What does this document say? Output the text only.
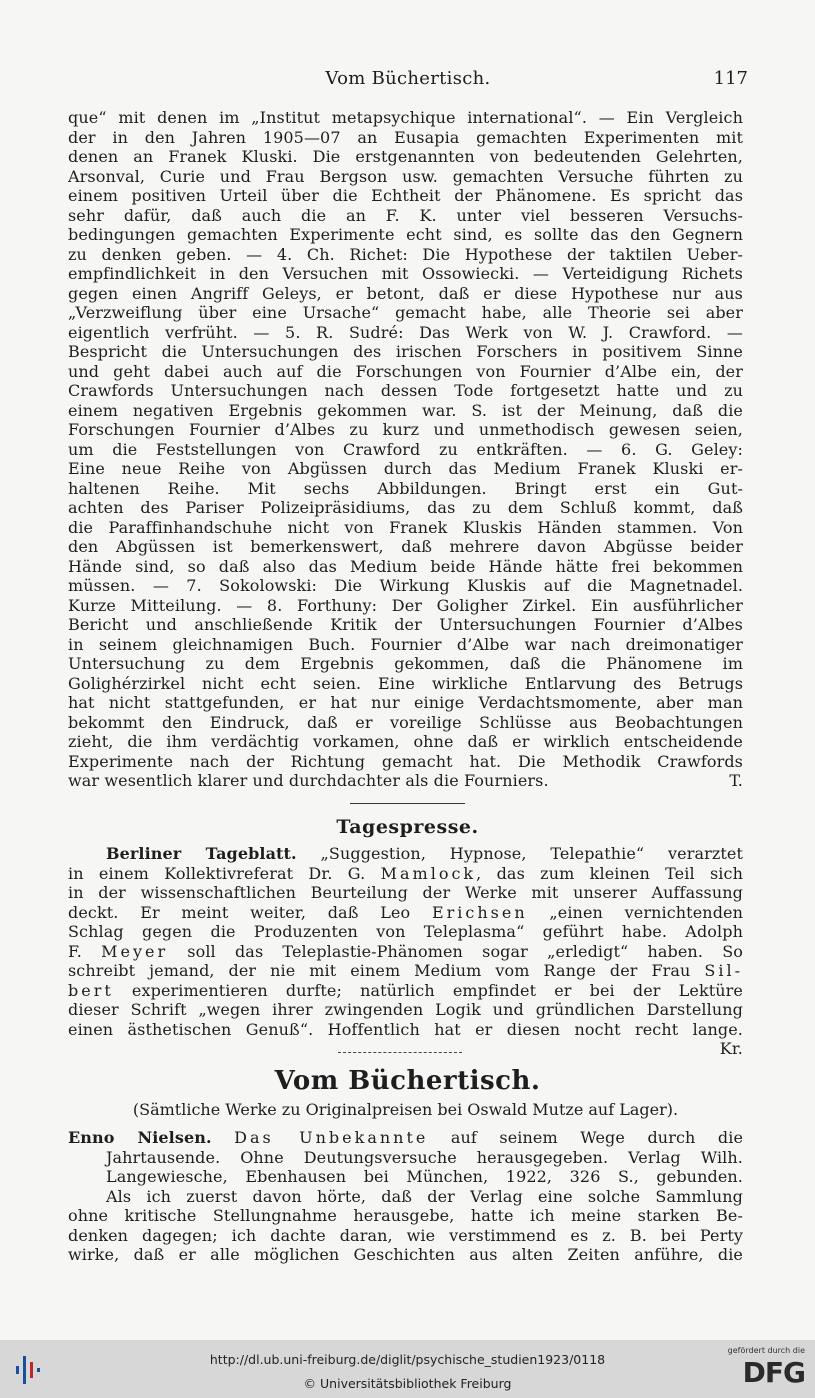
Vom Büchertisch.	117
que“ mit denen im „Institut metapsychique international“. — Ein Vergleich
der in den Jahren 1905—07 an Eusapia gemachten Experimenten mit
denen an Franek Kluski. Die erstgenannten von bedeutenden Gelehrten,
Arsonval, Curie und Frau Bergson usw. gemachten Versuche führten zu
einem positiven Urteil über die Echtheit der Phänomene. Es spricht das
sehr dafür, daß auch die an F. K. unter viel besseren Versuchs-
bedingungen gemachten Experimente echt sind, es sollte das den Gegnern
zu denken geben. — 4. Ch. Richet: Die Hypothese der taktilen Ueber-
empfindlichkeit in den Versuchen mit Ossowiecki. — Verteidigung Richets
gegen einen Angriff Geleys, er betont, daß er diese Hypothese nur aus
„Verzweiflung über eine Ursache“ gemacht habe, alle Theorie sei aber
eigentlich verfrüht. — 5. R. Sudré: Das Werk von W. J. Crawford. —
Bespricht die Untersuchungen des irischen Forschers in positivem Sinne
und geht dabei auch auf die Forschungen von Fournier d’Albe ein, der
Crawfords Untersuchungen nach dessen Tode fortgesetzt hatte und zu
einem negativen Ergebnis gekommen war. S. ist der Meinung, daß die
Forschungen Fournier d’Albes zu kurz und unmethodisch gewesen seien,
um die Feststellungen von Crawford zu entkräften. — 6. G. Geley:
Eine neue Reihe von Abgüssen durch das Medium Franek Kluski er-
haltenen Reihe. Mit sechs Abbildungen. Bringt erst ein Gut-
achten des Pariser Polizeipräsidiums, das zu dem Schluß kommt, daß
die Paraffinhandschuhe nicht von Franek Kluskis Händen stammen. Von
den Abgüssen ist bemerkenswert, daß mehrere davon Abgüsse beider
Hände sind, so daß also das Medium beide Hände hätte frei bekommen
müssen. — 7. Sokolowski: Die Wirkung Kluskis auf die Magnetnadel.
Kurze Mitteilung. — 8. Forthuny: Der Goligher Zirkel. Ein ausführlicher
Bericht und anschließende Kritik der Untersuchungen Fournier d’Albes
in seinem gleichnamigen Buch. Fournier d’Albe war nach dreimonatiger
Untersuchung zu dem Ergebnis gekommen, daß die Phänomene im
Golighérzirkel nicht echt seien. Eine wirkliche Entlarvung des Betrugs
hat nicht stattgefunden, er hat nur einige Verdachtsmomente, aber man
bekommt den Eindruck, daß er voreilige Schlüsse aus Beobachtungen
zieht, die ihm verdächtig vorkamen, ohne daß er wirklich entscheidende
Experimente nach der Richtung gemacht hat. Die Methodik Crawfords
war wesentlich klarer und durchdachter als die Fourniers.	T.
Tagespresse.
Berliner Tageblatt. „Suggestion, Hypnose, Telepathie“ verarztet
in einem Kollektivreferat Dr. G. Mamlock, das zum kleinen Teil sich
in der wissenschaftlichen Beurteilung der Werke mit unserer Auffassung
deckt. Er meint weiter, daß Leo Erichsen „einen vernichtenden
Schlag gegen die Produzenten von Teleplasma“ geführt habe. Adolph
F. Meyer soll das Teleplastie-Phänomen sogar „erledigt“ haben. So
schreibt jemand, der nie mit einem Medium vom Range der Frau Sil-
bert experimentieren durfte; natürlich empfindet er bei der Lektüre
dieser Schrift „wegen ihrer zwingenden Logik und gründlichen Darstellung
einen ästhetischen Genuß“. Hoffentlich hat er diesen nocht recht lange.
Kr.
Vom Büchertisch.
(Sämtliche Werke zu Originalpreisen bei Oswald Mutze auf Lager).
Enno Nielsen. Das Unbekannte auf seinem Wege durch die
Jahrtausende. Ohne Deutungsversuche herausgegeben. Verlag Wilh.
Langewiesche, Ebenhausen bei München, 1922, 326 S., gebunden.
Als ich zuerst davon hörte, daß der Verlag eine solche Sammlung
ohne kritische Stellungnahme herausgebe, hatte ich meine starken Be-
denken dagegen; ich dachte daran, wie verstimmend es z. B. bei Perty
wirke, daß er alle möglichen Geschichten aus alten Zeiten anführe, die
http://dl.ub.uni-freiburg.de/diglit/psychische_studien1923/0118
© Universitätsbibliothek Freiburg
gefördert durch die
DFG
